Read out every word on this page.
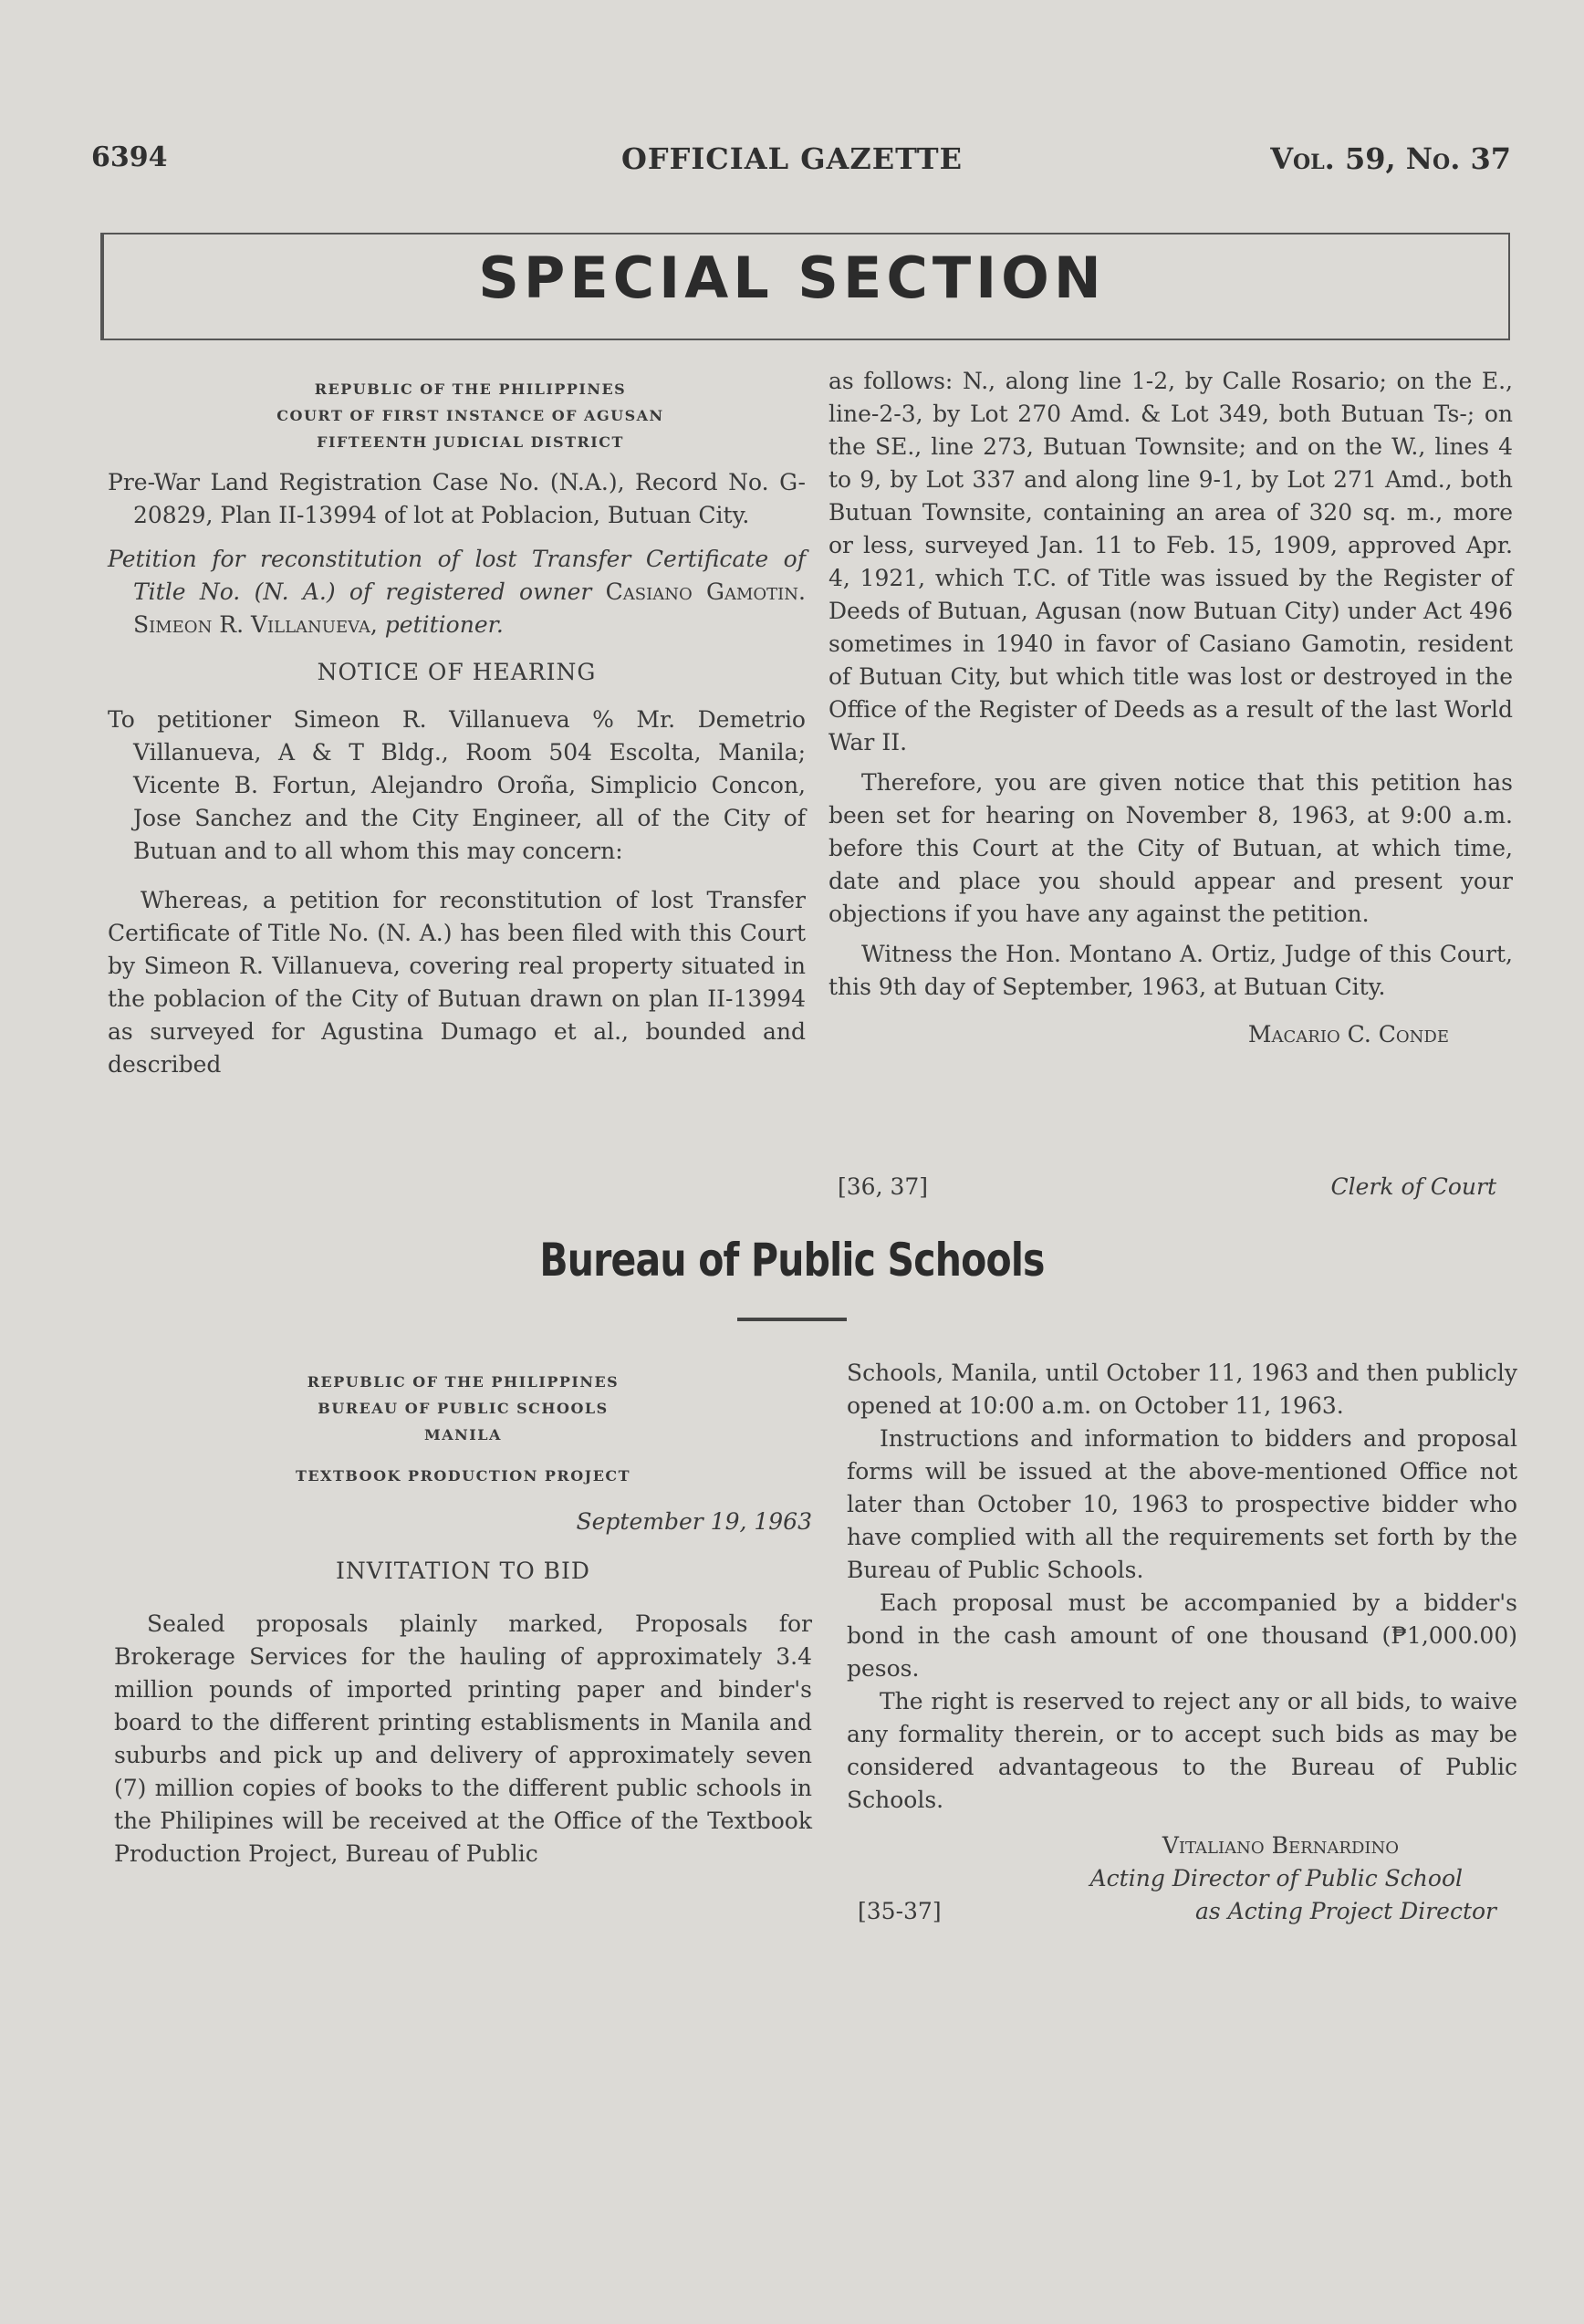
6394	OFFICIAL GAZETTE	Vol. 59, No. 37
SPECIAL SECTION
REPUBLIC OF THE PHILIPPINES
COURT OF FIRST INSTANCE OF AGUSAN
FIFTEENTH JUDICIAL DISTRICT

Pre-War Land Registration Case No. (N.A.), Record No. G-20829, Plan II-13994 of lot at Poblacion, Butuan City.

Petition for reconstitution of lost Transfer Certificate of Title No. (N. A.) of registered owner Casiano Gamotin. Simeon R. Villanueva, petitioner.

NOTICE OF HEARING

To petitioner Simeon R. Villanueva % Mr. Demetrio Villanueva, A & T Bldg., Room 504 Escolta, Manila; Vicente B. Fortun, Alejandro Oroña, Simplicio Concon, Jose Sanchez and the City Engineer, all of the City of Butuan and to all whom this may concern:

Whereas, a petition for reconstitution of lost Transfer Certificate of Title No. (N. A.) has been filed with this Court by Simeon R. Villanueva, covering real property situated in the poblacion of the City of Butuan drawn on plan II-13994 as surveyed for Agustina Dumago et al., bounded and described

as follows: N., along line 1-2, by Calle Rosario; on the E., line-2-3, by Lot 270 Amd. & Lot 349, both Butuan Ts-; on the SE., line 273, Butuan Townsite; and on the W., lines 4 to 9, by Lot 337 and along line 9-1, by Lot 271 Amd., both Butuan Townsite, containing an area of 320 sq. m., more or less, surveyed Jan. 11 to Feb. 15, 1909, approved Apr. 4, 1921, which T.C. of Title was issued by the Register of Deeds of Butuan, Agusan (now Butuan City) under Act 496 sometimes in 1940 in favor of Casiano Gamotin, resident of Butuan City, but which title was lost or destroyed in the Office of the Register of Deeds as a result of the last World War II.

Therefore, you are given notice that this petition has been set for hearing on November 8, 1963, at 9:00 a.m. before this Court at the City of Butuan, at which time, date and place you should appear and present your objections if you have any against the petition.

Witness the Hon. Montano A. Ortiz, Judge of this Court, this 9th day of September, 1963, at Butuan City.

Macario C. Conde

[36, 37]	Clerk of Court
Bureau of Public Schools
REPUBLIC OF THE PHILIPPINES
BUREAU OF PUBLIC SCHOOLS
MANILA
TEXTBOOK PRODUCTION PROJECT

September 19, 1963

INVITATION TO BID

Sealed proposals plainly marked, Proposals for Brokerage Services for the hauling of approximately 3.4 million pounds of imported printing paper and binder's board to the different printing establisments in Manila and suburbs and pick up and delivery of approximately seven (7) million copies of books to the different public schools in the Philipines will be received at the Office of the Textbook Production Project, Bureau of Public

Schools, Manila, until October 11, 1963 and then publicly opened at 10:00 a.m. on October 11, 1963.

Instructions and information to bidders and proposal forms will be issued at the above-mentioned Office not later than October 10, 1963 to prospective bidder who have complied with all the requirements set forth by the Bureau of Public Schools.

Each proposal must be accompanied by a bidder's bond in the cash amount of one thousand (₱1,000.00) pesos.

The right is reserved to reject any or all bids, to waive any formality therein, or to accept such bids as may be considered advantageous to the Bureau of Public Schools.

Vitaliano Bernardino

Acting Director of Public School

[35-37]	as Acting Project Director
